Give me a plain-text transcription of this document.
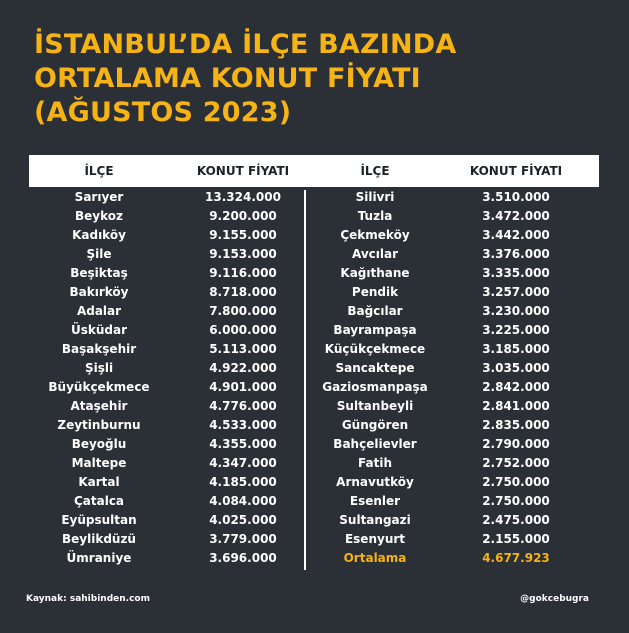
İSTANBUL’DA İLÇE BAZINDA
ORTALAMA KONUT FİYATI
(AĞUSTOS 2023)
İLÇE	KONUT FİYATI	İLÇE	KONUT FİYATI
Sarıyer	13.324.000	Silivri	3.510.000
Beykoz	9.200.000	Tuzla	3.472.000
Kadıköy	9.155.000	Çekmeköy	3.442.000
Şile	9.153.000	Avcılar	3.376.000
Beşiktaş	9.116.000	Kağıthane	3.335.000
Bakırköy	8.718.000	Pendik	3.257.000
Adalar	7.800.000	Bağcılar	3.230.000
Üsküdar	6.000.000	Bayrampaşa	3.225.000
Başakşehir	5.113.000	Küçükçekmece	3.185.000
Şişli	4.922.000	Sancaktepe	3.035.000
Büyükçekmece	4.901.000	Gaziosmanpaşa	2.842.000
Ataşehir	4.776.000	Sultanbeyli	2.841.000
Zeytinburnu	4.533.000	Güngören	2.835.000
Beyoğlu	4.355.000	Bahçelievler	2.790.000
Maltepe	4.347.000	Fatih	2.752.000
Kartal	4.185.000	Arnavutköy	2.750.000
Çatalca	4.084.000	Esenler	2.750.000
Eyüpsultan	4.025.000	Sultangazi	2.475.000
Beylikdüzü	3.779.000	Esenyurt	2.155.000
Ümraniye	3.696.000	Ortalama	4.677.923
Kaynak: sahibinden.com	@gokcebugra
